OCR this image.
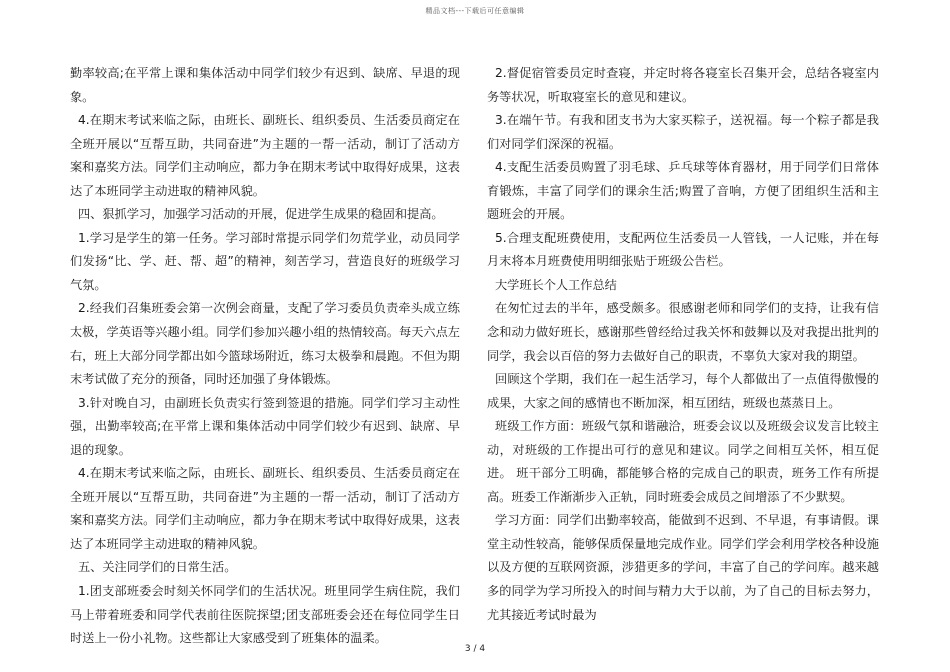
精品文档---下载后可任意编辑

勤率较高;在平常上课和集体活动中同学们较少有迟到、缺席、早退的现象。

4.在期末考试来临之际，由班长、副班长、组织委员、生活委员商定在全班开展以“互帮互助，共同奋进”为主题的一帮一活动，制订了活动方案和嘉奖方法。同学们主动响应，都力争在期末考试中取得好成果，这表达了本班同学主动进取的精神风貌。

四、狠抓学习，加强学习活动的开展，促进学生成果的稳固和提高。

1.学习是学生的第一任务。学习部时常提示同学们勿荒学业，动员同学们发扬“比、学、赶、帮、超”的精神，刻苦学习，营造良好的班级学习气氛。

2.经我们召集班委会第一次例会商量，支配了学习委员负责牵头成立练太极，学英语等兴趣小组。同学们参加兴趣小组的热情较高。每天六点左右，班上大部分同学都出如今篮球场附近，练习太极拳和晨跑。不但为期末考试做了充分的预备，同时还加强了身体锻炼。

3.针对晚自习，由副班长负责实行签到签退的措施。同学们学习主动性强，出勤率较高;在平常上课和集体活动中同学们较少有迟到、缺席、早退的现象。

4.在期末考试来临之际，由班长、副班长、组织委员、生活委员商定在全班开展以“互帮互助，共同奋进”为主题的一帮一活动，制订了活动方案和嘉奖方法。同学们主动响应，都力争在期末考试中取得好成果，这表达了本班同学主动进取的精神风貌。

五、关注同学们的日常生活。

1.团支部班委会时刻关怀同学们的生活状况。班里同学生病住院，我们马上带着班委和同学代表前往医院探望;团支部班委会还在每位同学生日时送上一份小礼物。这些都让大家感受到了班集体的温柔。

2.督促宿管委员定时查寝，并定时将各寝室长召集开会，总结各寝室内务等状况，听取寝室长的意见和建议。

3.在端午节。有我和团支书为大家买粽子，送祝福。每一个粽子都是我们对同学们深深的祝福。

4.支配生活委员购置了羽毛球、乒乓球等体育器材，用于同学们日常体育锻炼，丰富了同学们的课余生活;购置了音响，方便了团组织生活和主题班会的开展。

5.合理支配班费使用，支配两位生活委员一人管钱，一人记账，并在每月末将本月班费使用明细张贴于班级公告栏。

大学班长个人工作总结

在匆忙过去的半年，感受颇多。很感谢老师和同学们的支持，让我有信念和动力做好班长，感谢那些曾经给过我关怀和鼓舞以及对我提出批判的同学，我会以百倍的努力去做好自己的职责，不辜负大家对我的期望。

回顾这个学期，我们在一起生活学习，每个人都做出了一点值得傲慢的成果，大家之间的感情也不断加深，相互团结，班级也蒸蒸日上。

班级工作方面：班级气氛和谐融洽，班委会议以及班级会议发言比较主动，对班级的工作提出可行的意见和建议。同学之间相互关怀，相互促进。 班干部分工明确，都能够合格的完成自己的职责，班务工作有所提高。班委工作渐渐步入正轨，同时班委会成员之间增添了不少默契。

学习方面：同学们出勤率较高，能做到不迟到、不早退，有事请假。课堂主动性较高，能够保质保量地完成作业。同学们学会利用学校各种设施以及方便的互联网资源，涉猎更多的学问，丰富了自己的学问库。越来越多的同学为学习所投入的时间与精力大于以前，为了自己的目标去努力，尤其接近考试时最为

3 / 4
